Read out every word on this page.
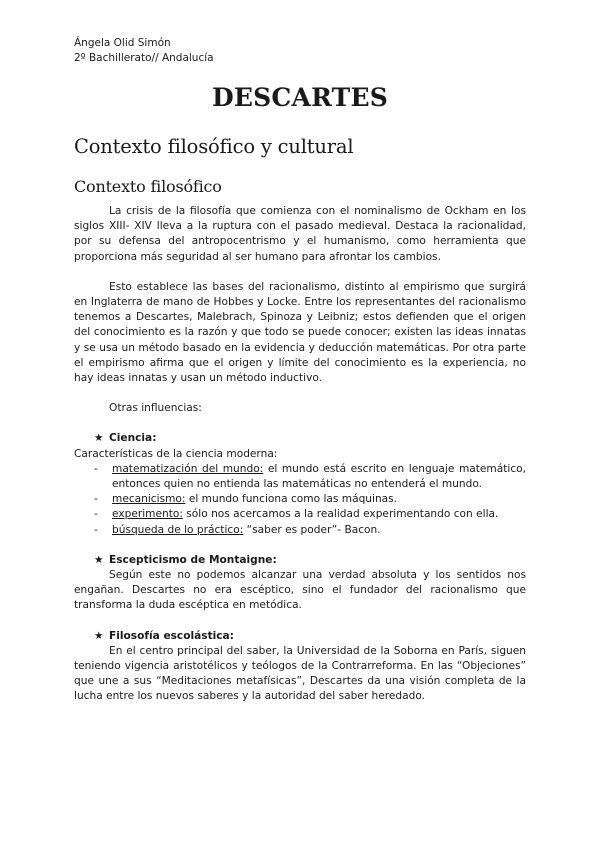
Ángela Olid Simón
2º Bachillerato// Andalucía
DESCARTES
Contexto filosófico y cultural
Contexto filosófico

La crisis de la filosofía que comienza con el nominalismo de Ockham en los siglos XIII- XIV lleva a la ruptura con el pasado medieval. Destaca la racionalidad, por su defensa del antropocentrismo y el humanismo, como herramienta que proporciona más seguridad al ser humano para afrontar los cambios.

Esto establece las bases del racionalismo, distinto al empirismo que surgirá en Inglaterra de mano de Hobbes y Locke. Entre los representantes del racionalismo tenemos a Descartes, Malebrach, Spinoza y Leibniz; estos defienden que el origen del conocimiento es la razón y que todo se puede conocer; existen las ideas innatas y se usa un método basado en la evidencia y deducción matemáticas. Por otra parte el empirismo afirma que el origen y límite del conocimiento es la experiencia, no hay ideas innatas y usan un método inductivo.

Otras influencias:

★ Ciencia:

Características de la ciencia moderna:

- matematización del mundo: el mundo está escrito en lenguaje matemático, entonces quien no entienda las matemáticas no entenderá el mundo.
- mecanicismo: el mundo funciona como las máquinas.
- experimento: sólo nos acercamos a la realidad experimentando con ella.
- búsqueda de lo práctico: “saber es poder”- Bacon.

★ Escepticismo de Montaigne:

Según este no podemos alcanzar una verdad absoluta y los sentidos nos engañan. Descartes no era escéptico, sino el fundador del racionalismo que transforma la duda escéptica en metódica.

★ Filosofía escolástica:

En el centro principal del saber, la Universidad de la Soborna en París, siguen teniendo vigencia aristotélicos y teólogos de la Contrarreforma. En las “Objeciones” que une a sus “Meditaciones metafísicas”, Descartes da una visión completa de la lucha entre los nuevos saberes y la autoridad del saber heredado.
